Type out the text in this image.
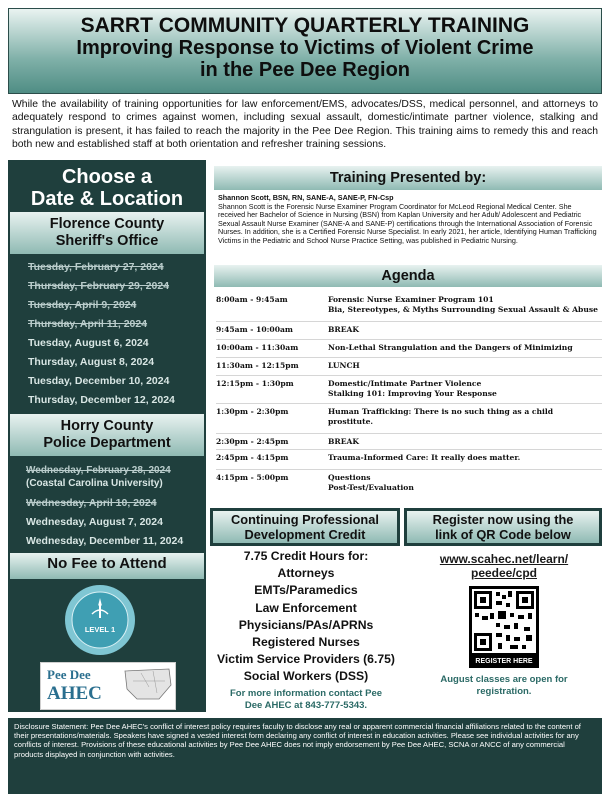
SARRT COMMUNITY QUARTERLY TRAINING
Improving Response to Victims of Violent Crime
in the Pee Dee Region
While the availability of training opportunities for law enforcement/EMS, advocates/DSS, medical personnel, and attorneys to adequately respond to crimes against women, including sexual assault, domestic/intimate partner violence, stalking and strangulation is present, it has failed to reach the majority in the Pee Dee Region. This training aims to remedy this and reach both new and established staff at both orientation and refresher training sessions.
Choose a
Date & Location
Florence County
Sheriff's Office
Tuesday, February 27, 2024
Thursday, February 29, 2024
Tuesday, April 9, 2024
Thursday, April 11, 2024
Tuesday, August 6, 2024
Thursday, August 8, 2024
Tuesday, December 10, 2024
Thursday, December 12, 2024
Horry County
Police Department
Wednesday, February 28, 2024
(Coastal Carolina University)
Wednesday, April 10, 2024
Wednesday, August 7, 2024
Wednesday, December 11, 2024
No Fee to Attend
LEVEL 1
Pee Dee
AHEC
Training Presented by:
Shannon Scott, BSN, RN, SANE-A, SANE-P, FN-Csp
Shannon Scott is the Forensic Nurse Examiner Program Coordinator for McLeod Regional Medical Center. She received her Bachelor of Science in Nursing (BSN) from Kaplan University and her Adult/ Adolescent and Pediatric Sexual Assault Nurse Examiner (SANE-A and SANE-P) certifications through the International Association of Forensic Nurses. In addition, she is a Certified Forensic Nurse Specialist. In early 2021, her article, Identifying Human Trafficking Victims in the Pediatric and School Nurse Practice Setting, was published in Pediatric Nursing.
Agenda
8:00am - 9:45am	Forensic Nurse Examiner Program 101
Bia, Stereotypes, & Myths Surrounding Sexual Assault & Abuse
9:45am - 10:00am	BREAK
10:00am - 11:30am	Non-Lethal Strangulation and the Dangers of Minimizing
11:30am - 12:15pm	LUNCH
12:15pm - 1:30pm	Domestic/Intimate Partner Violence
Stalking 101: Improving Your Response
1:30pm - 2:30pm	Human Trafficking: There is no such thing as a child
prostitute.
2:30pm - 2:45pm	BREAK
2:45pm - 4:15pm	Trauma-Informed Care: It really does matter.
4:15pm - 5:00pm	Questions
Post-Test/Evaluation
Continuing Professional
Development Credit
7.75 Credit Hours for:
Attorneys
EMTs/Paramedics
Law Enforcement
Physicians/PAs/APRNs
Registered Nurses
Victim Service Providers (6.75)
Social Workers (DSS)
For more information contact Pee
Dee AHEC at 843-777-5343.
Register now using the
link of QR Code below
www.scahec.net/learn/
peedee/cpd
REGISTER HERE
August classes are open for
registration.
Disclosure Statement: Pee Dee AHEC's conflict of interest policy requires faculty to disclose any real or apparent commercial financial affiliations related to the content of their presentations/materials. Speakers have signed a vested interest form declaring any conflict of interest in education activities. Please see individual activities for any conflicts of interest. Provisions of these educational activities by Pee Dee AHEC does not imply endorsement by Pee Dee AHEC, SCNA or ANCC of any commercial products displayed in conjunction with activities.
